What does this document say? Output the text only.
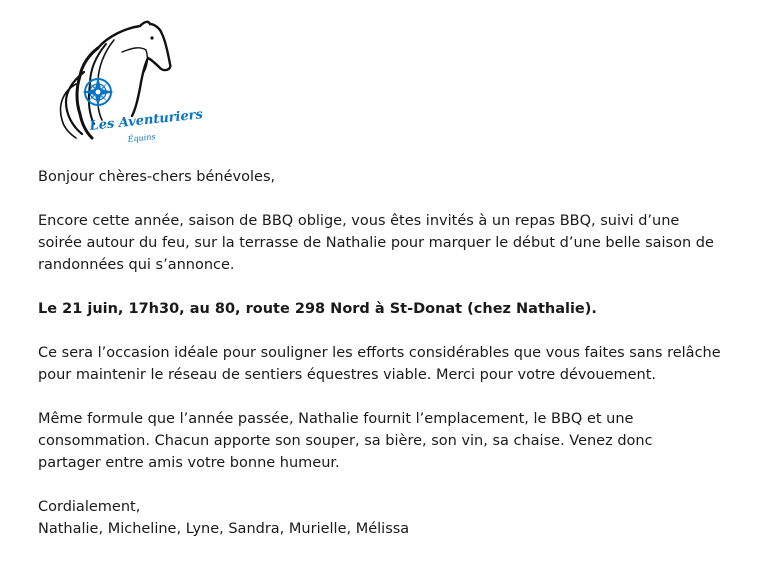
Les Aventuriers
Équins

Bonjour chères-chers bénévoles,

Encore cette année, saison de BBQ oblige, vous êtes invités à un repas BBQ, suivi d’une
soirée autour du feu, sur la terrasse de Nathalie pour marquer le début d’une belle saison de
randonnées qui s’annonce.

Le 21 juin, 17h30, au 80, route 298 Nord à St-Donat (chez Nathalie).

Ce sera l’occasion idéale pour souligner les efforts considérables que vous faites sans relâche
pour maintenir le réseau de sentiers équestres viable. Merci pour votre dévouement.

Même formule que l’année passée, Nathalie fournit l’emplacement, le BBQ et une
consommation. Chacun apporte son souper, sa bière, son vin, sa chaise. Venez donc
partager entre amis votre bonne humeur.

Cordialement,
Nathalie, Micheline, Lyne, Sandra, Murielle, Mélissa
